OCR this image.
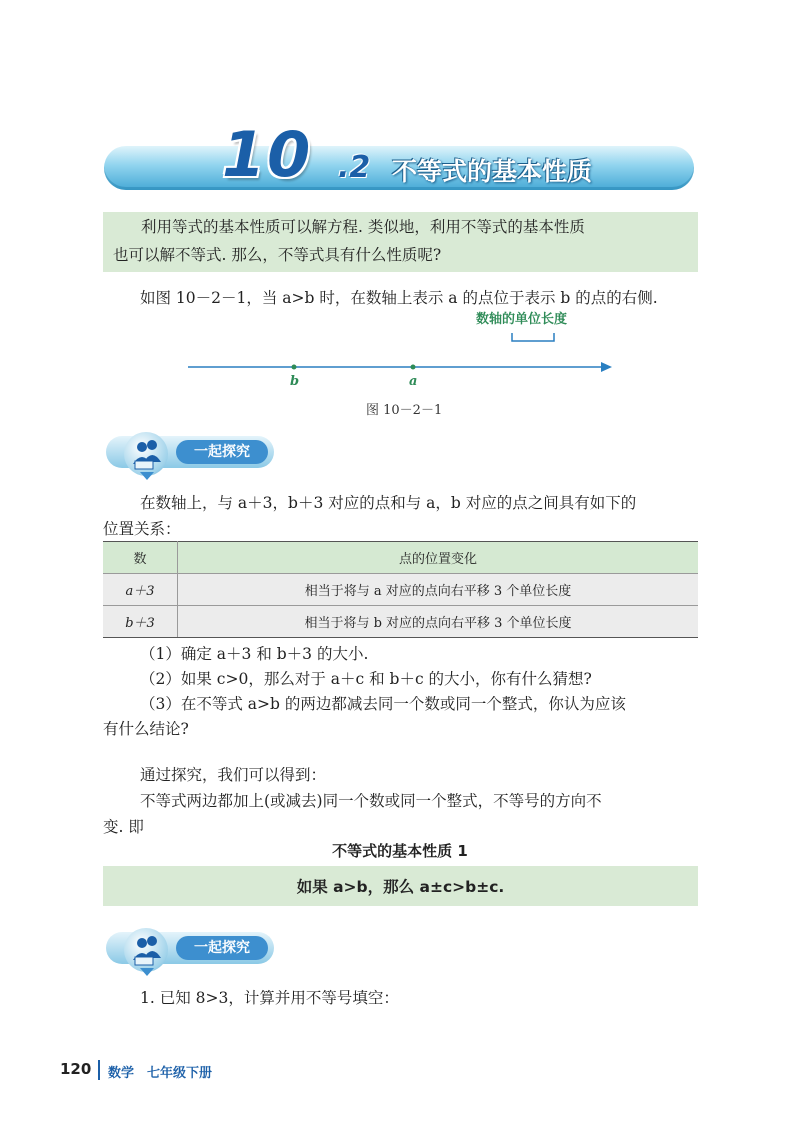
10 .2 不等式的基本性质

利用等式的基本性质可以解方程. 类似地，利用不等式的基本性质

也可以解不等式. 那么，不等式具有什么性质呢?

如图 10－2－1，当 a>b 时，在数轴上表示 a 的点位于表示 b 的点的右侧.
数轴的单位长度
b	a
图 10－2－1
一起探究
在数轴上，与 a＋3，b＋3 对应的点和与 a，b 对应的点之间具有如下的
位置关系：
数	点的位置变化
a＋3	相当于将与 a 对应的点向右平移 3 个单位长度
b＋3	相当于将与 b 对应的点向右平移 3 个单位长度
（1）确定 a＋3 和 b＋3 的大小.
（2）如果 c>0，那么对于 a＋c 和 b＋c 的大小，你有什么猜想?
（3）在不等式 a>b 的两边都减去同一个数或同一个整式，你认为应该
有什么结论?
通过探究，我们可以得到：
不等式两边都加上(或减去)同一个数或同一个整式，不等号的方向不
变. 即
不等式的基本性质 1
如果 a>b，那么 a±c>b±c.
一起探究
1. 已知 8>3，计算并用不等号填空：
120 数学　七年级下册
